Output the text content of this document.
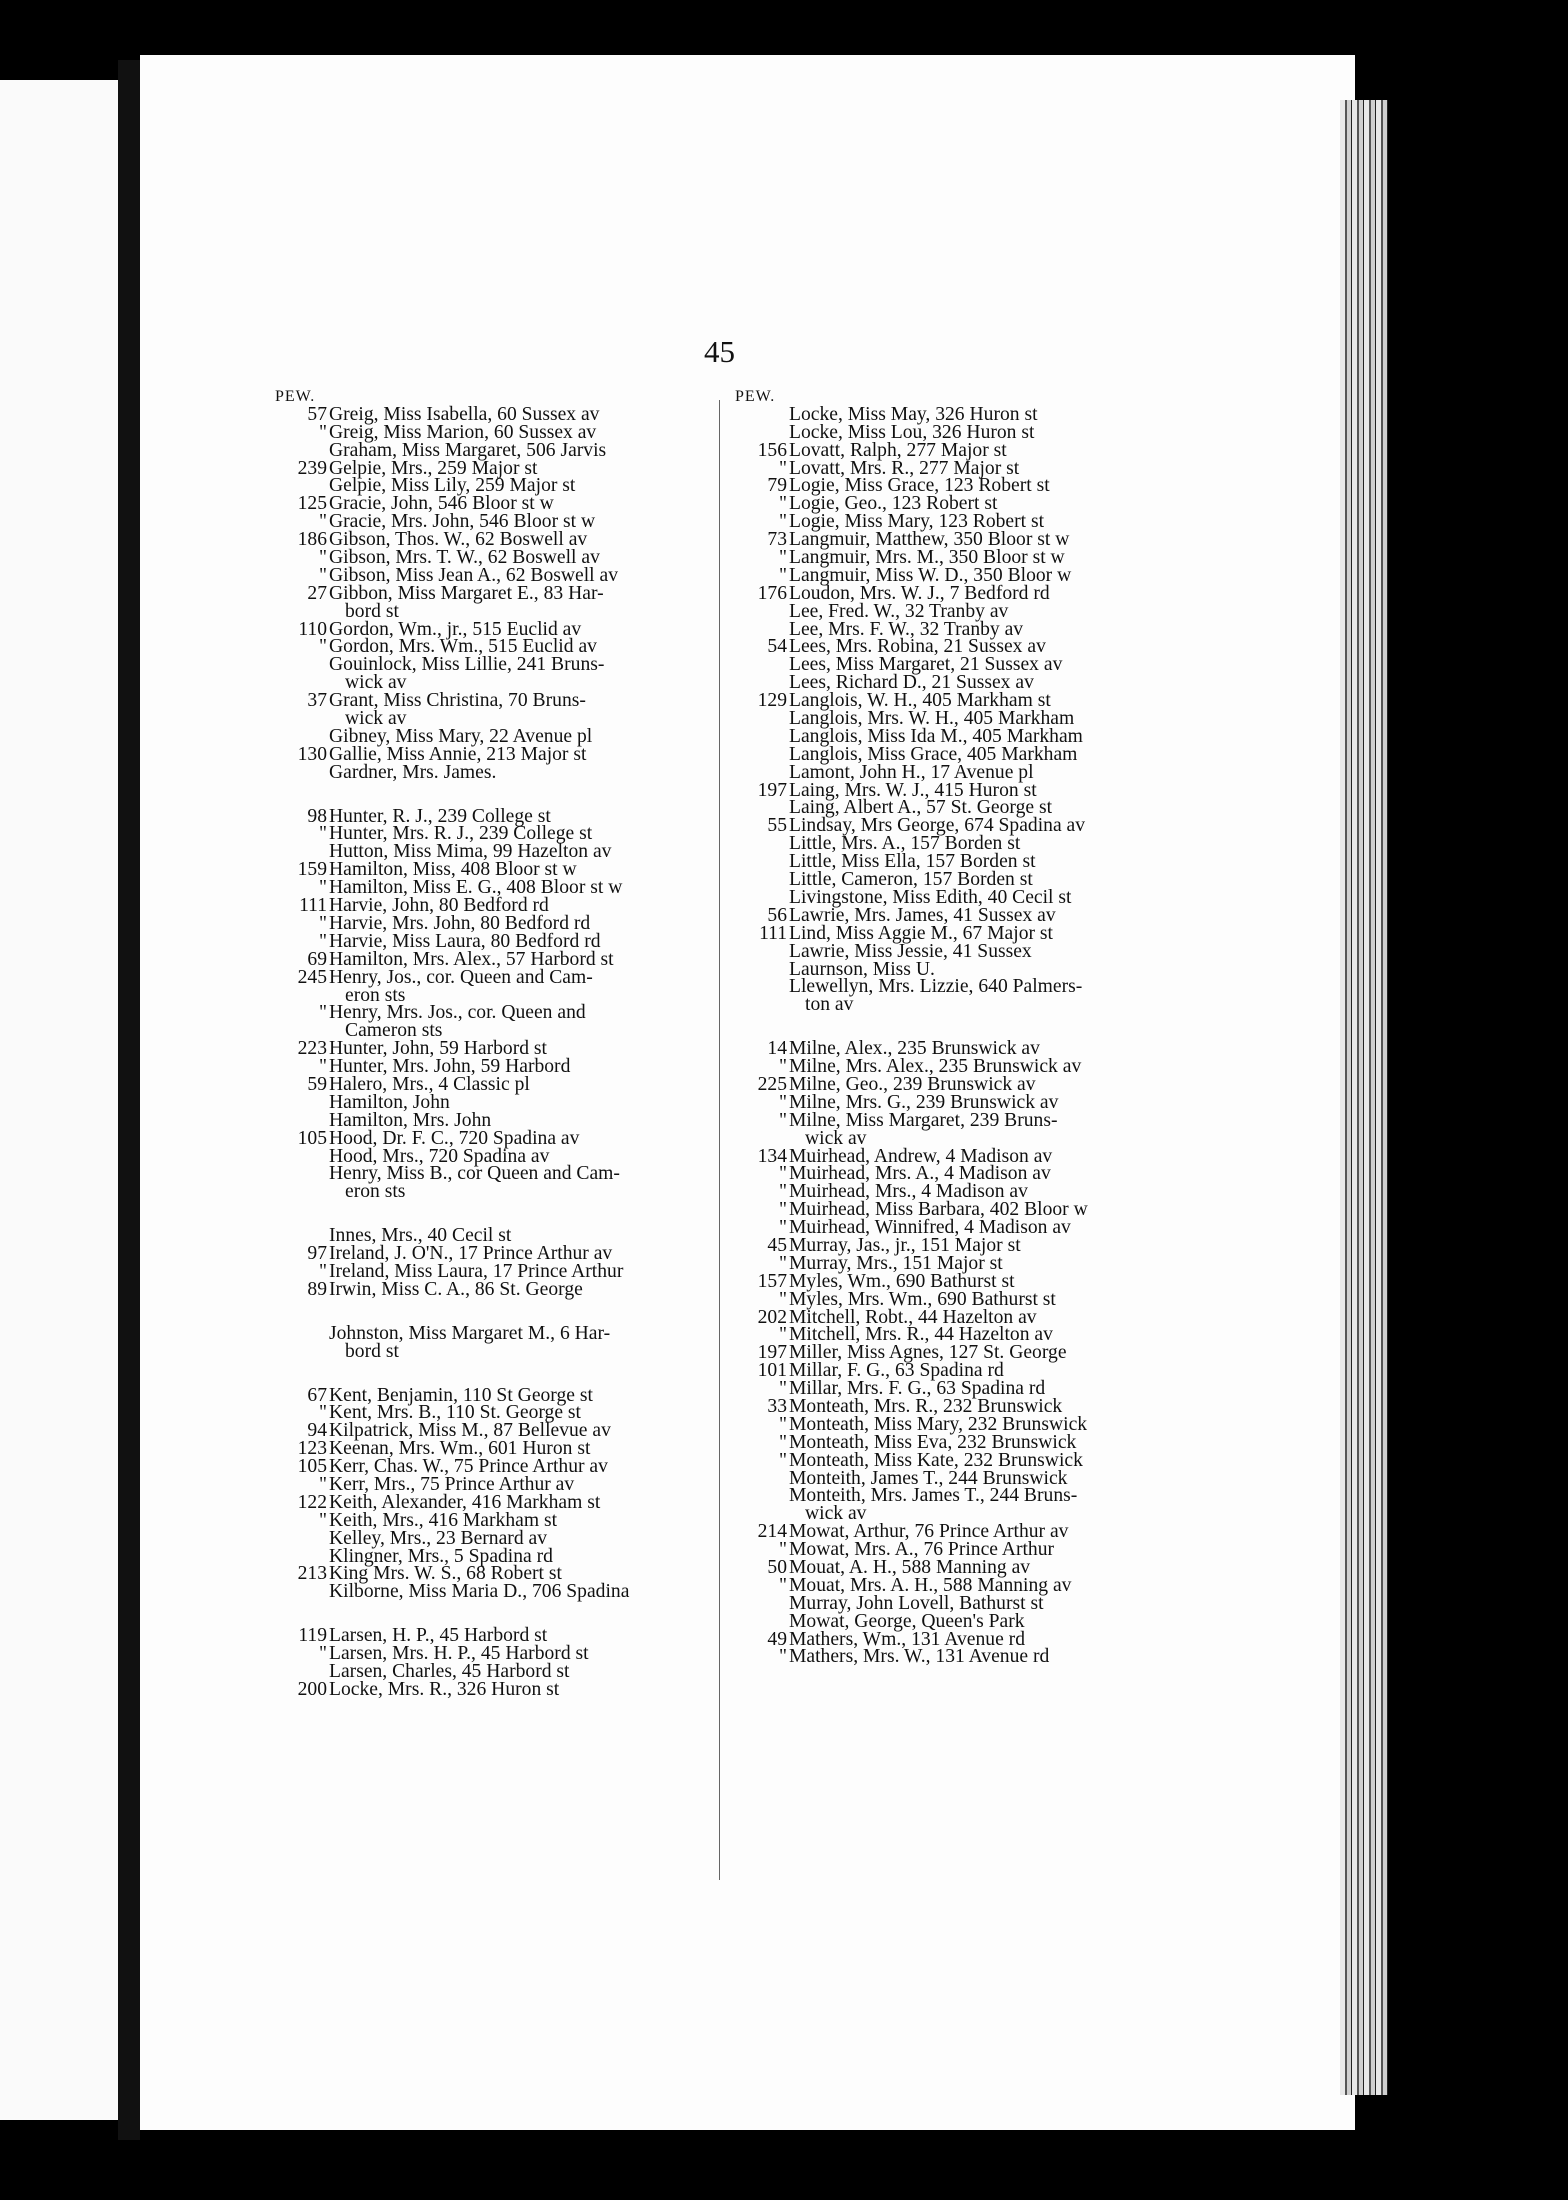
45
PEW.
57 Greig, Miss Isabella, 60 Sussex av
" Greig, Miss Marion, 60 Sussex av
Graham, Miss Margaret, 506 Jarvis
239 Gelpie, Mrs., 259 Major st
Gelpie, Miss Lily, 259 Major st
125 Gracie, John, 546 Bloor st w
" Gracie, Mrs. John, 546 Bloor st w
186 Gibson, Thos. W., 62 Boswell av
" Gibson, Mrs. T. W., 62 Boswell av
" Gibson, Miss Jean A., 62 Boswell av
27 Gibbon, Miss Margaret E., 83 Har-
bord st
110 Gordon, Wm., jr., 515 Euclid av
" Gordon, Mrs. Wm., 515 Euclid av
Gouinlock, Miss Lillie, 241 Bruns-
wick av
37 Grant, Miss Christina, 70 Bruns-
wick av
Gibney, Miss Mary, 22 Avenue pl
130 Gallie, Miss Annie, 213 Major st
Gardner, Mrs. James.
98 Hunter, R. J., 239 College st
" Hunter, Mrs. R. J., 239 College st
Hutton, Miss Mima, 99 Hazelton av
159 Hamilton, Miss, 408 Bloor st w
" Hamilton, Miss E. G., 408 Bloor st w
111 Harvie, John, 80 Bedford rd
" Harvie, Mrs. John, 80 Bedford rd
" Harvie, Miss Laura, 80 Bedford rd
69 Hamilton, Mrs. Alex., 57 Harbord st
245 Henry, Jos., cor. Queen and Cam-
eron sts
" Henry, Mrs. Jos., cor. Queen and
Cameron sts
223 Hunter, John, 59 Harbord st
" Hunter, Mrs. John, 59 Harbord
59 Halero, Mrs., 4 Classic pl
Hamilton, John
Hamilton, Mrs. John
105 Hood, Dr. F. C., 720 Spadina av
Hood, Mrs., 720 Spadina av
Henry, Miss B., cor Queen and Cam-
eron sts
Innes, Mrs., 40 Cecil st
97 Ireland, J. O'N., 17 Prince Arthur av
" Ireland, Miss Laura, 17 Prince Arthur
89 Irwin, Miss C. A., 86 St. George
Johnston, Miss Margaret M., 6 Har-
bord st
67 Kent, Benjamin, 110 St George st
" Kent, Mrs. B., 110 St. George st
94 Kilpatrick, Miss M., 87 Bellevue av
123 Keenan, Mrs. Wm., 601 Huron st
105 Kerr, Chas. W., 75 Prince Arthur av
" Kerr, Mrs., 75 Prince Arthur av
122 Keith, Alexander, 416 Markham st
" Keith, Mrs., 416 Markham st
Kelley, Mrs., 23 Bernard av
Klingner, Mrs., 5 Spadina rd
213 King Mrs. W. S., 68 Robert st
Kilborne, Miss Maria D., 706 Spadina
119 Larsen, H. P., 45 Harbord st
" Larsen, Mrs. H. P., 45 Harbord st
Larsen, Charles, 45 Harbord st
200 Locke, Mrs. R., 326 Huron st
PEW.
Locke, Miss May, 326 Huron st
Locke, Miss Lou, 326 Huron st
156 Lovatt, Ralph, 277 Major st
" Lovatt, Mrs. R., 277 Major st
79 Logie, Miss Grace, 123 Robert st
" Logie, Geo., 123 Robert st
" Logie, Miss Mary, 123 Robert st
73 Langmuir, Matthew, 350 Bloor st w
" Langmuir, Mrs. M., 350 Bloor st w
" Langmuir, Miss W. D., 350 Bloor w
176 Loudon, Mrs. W. J., 7 Bedford rd
Lee, Fred. W., 32 Tranby av
Lee, Mrs. F. W., 32 Tranby av
54 Lees, Mrs. Robina, 21 Sussex av
Lees, Miss Margaret, 21 Sussex av
Lees, Richard D., 21 Sussex av
129 Langlois, W. H., 405 Markham st
Langlois, Mrs. W. H., 405 Markham
Langlois, Miss Ida M., 405 Markham
Langlois, Miss Grace, 405 Markham
Lamont, John H., 17 Avenue pl
197 Laing, Mrs. W. J., 415 Huron st
Laing, Albert A., 57 St. George st
55 Lindsay, Mrs George, 674 Spadina av
Little, Mrs. A., 157 Borden st
Little, Miss Ella, 157 Borden st
Little, Cameron, 157 Borden st
Livingstone, Miss Edith, 40 Cecil st
56 Lawrie, Mrs. James, 41 Sussex av
111 Lind, Miss Aggie M., 67 Major st
Lawrie, Miss Jessie, 41 Sussex
Laurnson, Miss U.
Llewellyn, Mrs. Lizzie, 640 Palmers-
ton av
14 Milne, Alex., 235 Brunswick av
" Milne, Mrs. Alex., 235 Brunswick av
225 Milne, Geo., 239 Brunswick av
" Milne, Mrs. G., 239 Brunswick av
" Milne, Miss Margaret, 239 Bruns-
wick av
134 Muirhead, Andrew, 4 Madison av
" Muirhead, Mrs. A., 4 Madison av
" Muirhead, Mrs., 4 Madison av
" Muirhead, Miss Barbara, 402 Bloor w
" Muirhead, Winnifred, 4 Madison av
45 Murray, Jas., jr., 151 Major st
" Murray, Mrs., 151 Major st
157 Myles, Wm., 690 Bathurst st
" Myles, Mrs. Wm., 690 Bathurst st
202 Mitchell, Robt., 44 Hazelton av
" Mitchell, Mrs. R., 44 Hazelton av
197 Miller, Miss Agnes, 127 St. George
101 Millar, F. G., 63 Spadina rd
" Millar, Mrs. F. G., 63 Spadina rd
33 Monteath, Mrs. R., 232 Brunswick
" Monteath, Miss Mary, 232 Brunswick
" Monteath, Miss Eva, 232 Brunswick
" Monteath, Miss Kate, 232 Brunswick
Monteith, James T., 244 Brunswick
Monteith, Mrs. James T., 244 Bruns-
wick av
214 Mowat, Arthur, 76 Prince Arthur av
" Mowat, Mrs. A., 76 Prince Arthur
50 Mouat, A. H., 588 Manning av
" Mouat, Mrs. A. H., 588 Manning av
Murray, John Lovell, Bathurst st
Mowat, George, Queen's Park
49 Mathers, Wm., 131 Avenue rd
" Mathers, Mrs. W., 131 Avenue rd
